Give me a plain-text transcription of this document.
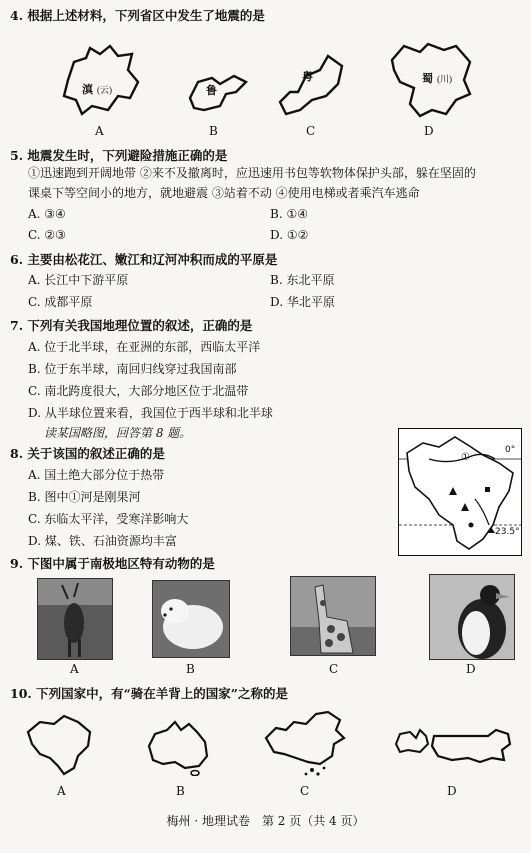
4. 根据上述材料，下列省区中发生了地震的是
滇 (云)	鲁
粤	蜀 (川)
A	B	C	D
5. 地震发生时，下列避险措施正确的是
①迅速跑到开阔地带 ②来不及撤离时，应迅速用书包等软物体保护头部，躲在坚固的
课桌下等空间小的地方，就地避震 ③站着不动 ④使用电梯或者乘汽车逃命
A. ③④	B. ①④
C. ②③	D. ①②
6. 主要由松花江、嫩江和辽河冲积而成的平原是
A. 长江中下游平原	B. 东北平原
C. 成都平原	D. 华北平原
7. 下列有关我国地理位置的叙述，正确的是
A. 位于北半球，在亚洲的东部，西临太平洋
B. 位于东半球，南回归线穿过我国南部
C. 南北跨度很大，大部分地区位于北温带
D. 从半球位置来看，我国位于西半球和北半球
读某国略图，回答第 8 题。
8. 关于该国的叙述正确的是
A. 国土绝大部分位于热带
B. 图中①河是刚果河
C. 东临太平洋，受寒洋影响大
D. 煤、铁、石油资源均丰富
①
0°
23.5°
9. 下图中属于南极地区特有动物的是
A	B	C	D
10. 下列国家中，有“骑在羊背上的国家”之称的是
A	B	C	D
梅州 · 地理试卷　第 2 页（共 4 页）
